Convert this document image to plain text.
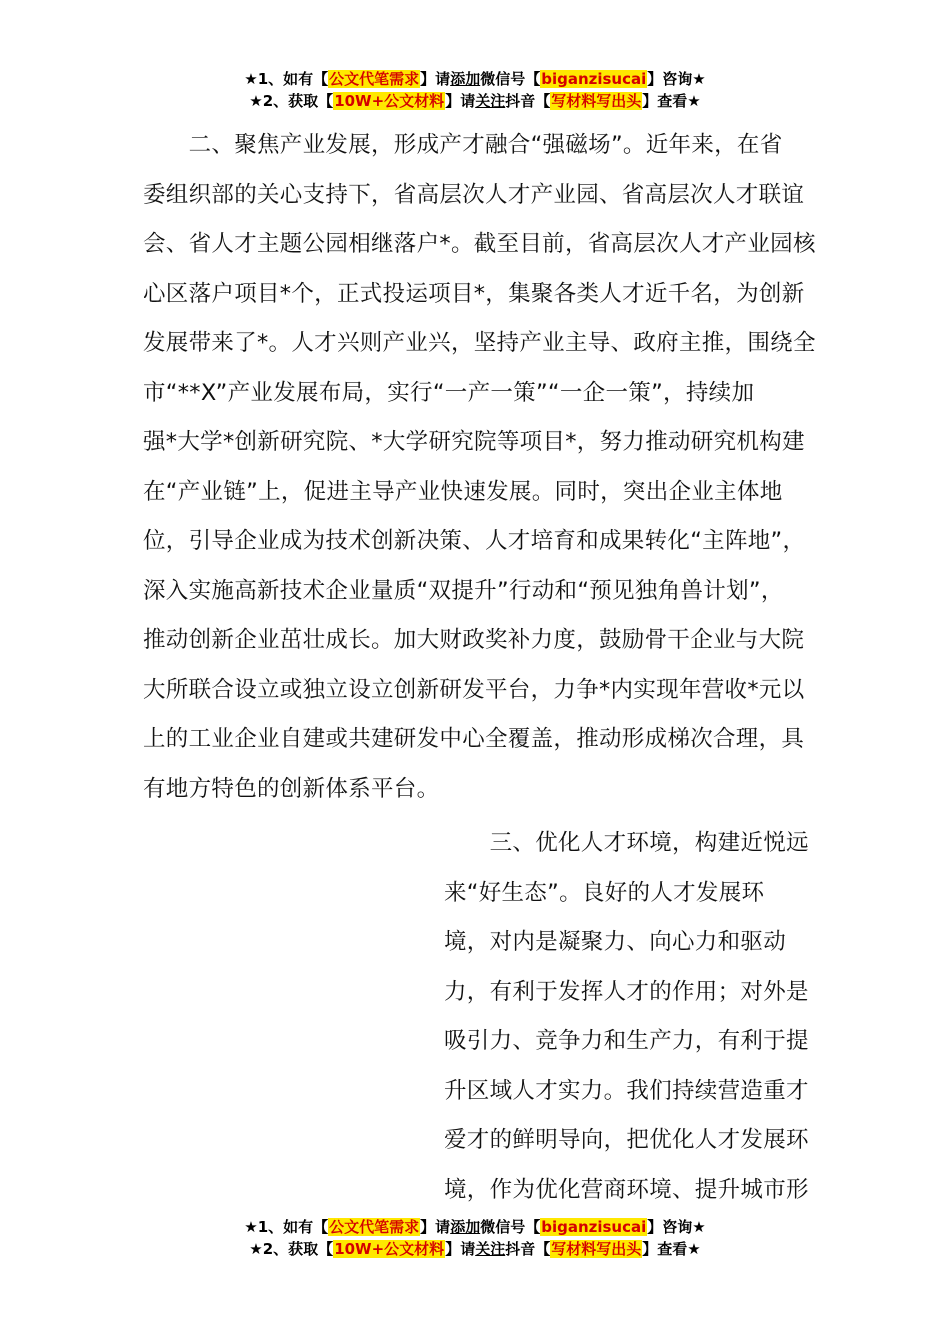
★1、如有【公文代笔需求】请添加微信号【biganzisucai】咨询★
★2、获取【10W+公文材料】请关注抖音【写材料写出头】查看★
　　二、聚焦产业发展，形成产才融合“强磁场”。近年来，在省
委组织部的关心支持下，省高层次人才产业园、省高层次人才联谊
会、省人才主题公园相继落户*。截至目前，省高层次人才产业园核
心区落户项目*个，正式投运项目*，集聚各类人才近千名，为创新
发展带来了*。人才兴则产业兴，坚持产业主导、政府主推，围绕全
市“**X”产业发展布局，实行“一产一策”“一企一策”，持续加
强*大学*创新研究院、*大学研究院等项目*，努力推动研究机构建
在“产业链”上，促进主导产业快速发展。同时，突出企业主体地
位，引导企业成为技术创新决策、人才培育和成果转化“主阵地”，
深入实施高新技术企业量质“双提升”行动和“预见独角兽计划”，
推动创新企业茁壮成长。加大财政奖补力度，鼓励骨干企业与大院
大所联合设立或独立设立创新研发平台，力争*内实现年营收*元以
上的工业企业自建或共建研发中心全覆盖，推动形成梯次合理，具
有地方特色的创新体系平台。
　　三、优化人才环境，构建近悦远
来“好生态”。良好的人才发展环
境，对内是凝聚力、向心力和驱动
力，有利于发挥人才的作用；对外是
吸引力、竞争力和生产力，有利于提
升区域人才实力。我们持续营造重才
爱才的鲜明导向，把优化人才发展环
境，作为优化营商环境、提升城市形
★1、如有【公文代笔需求】请添加微信号【biganzisucai】咨询★
★2、获取【10W+公文材料】请关注抖音【写材料写出头】查看★
